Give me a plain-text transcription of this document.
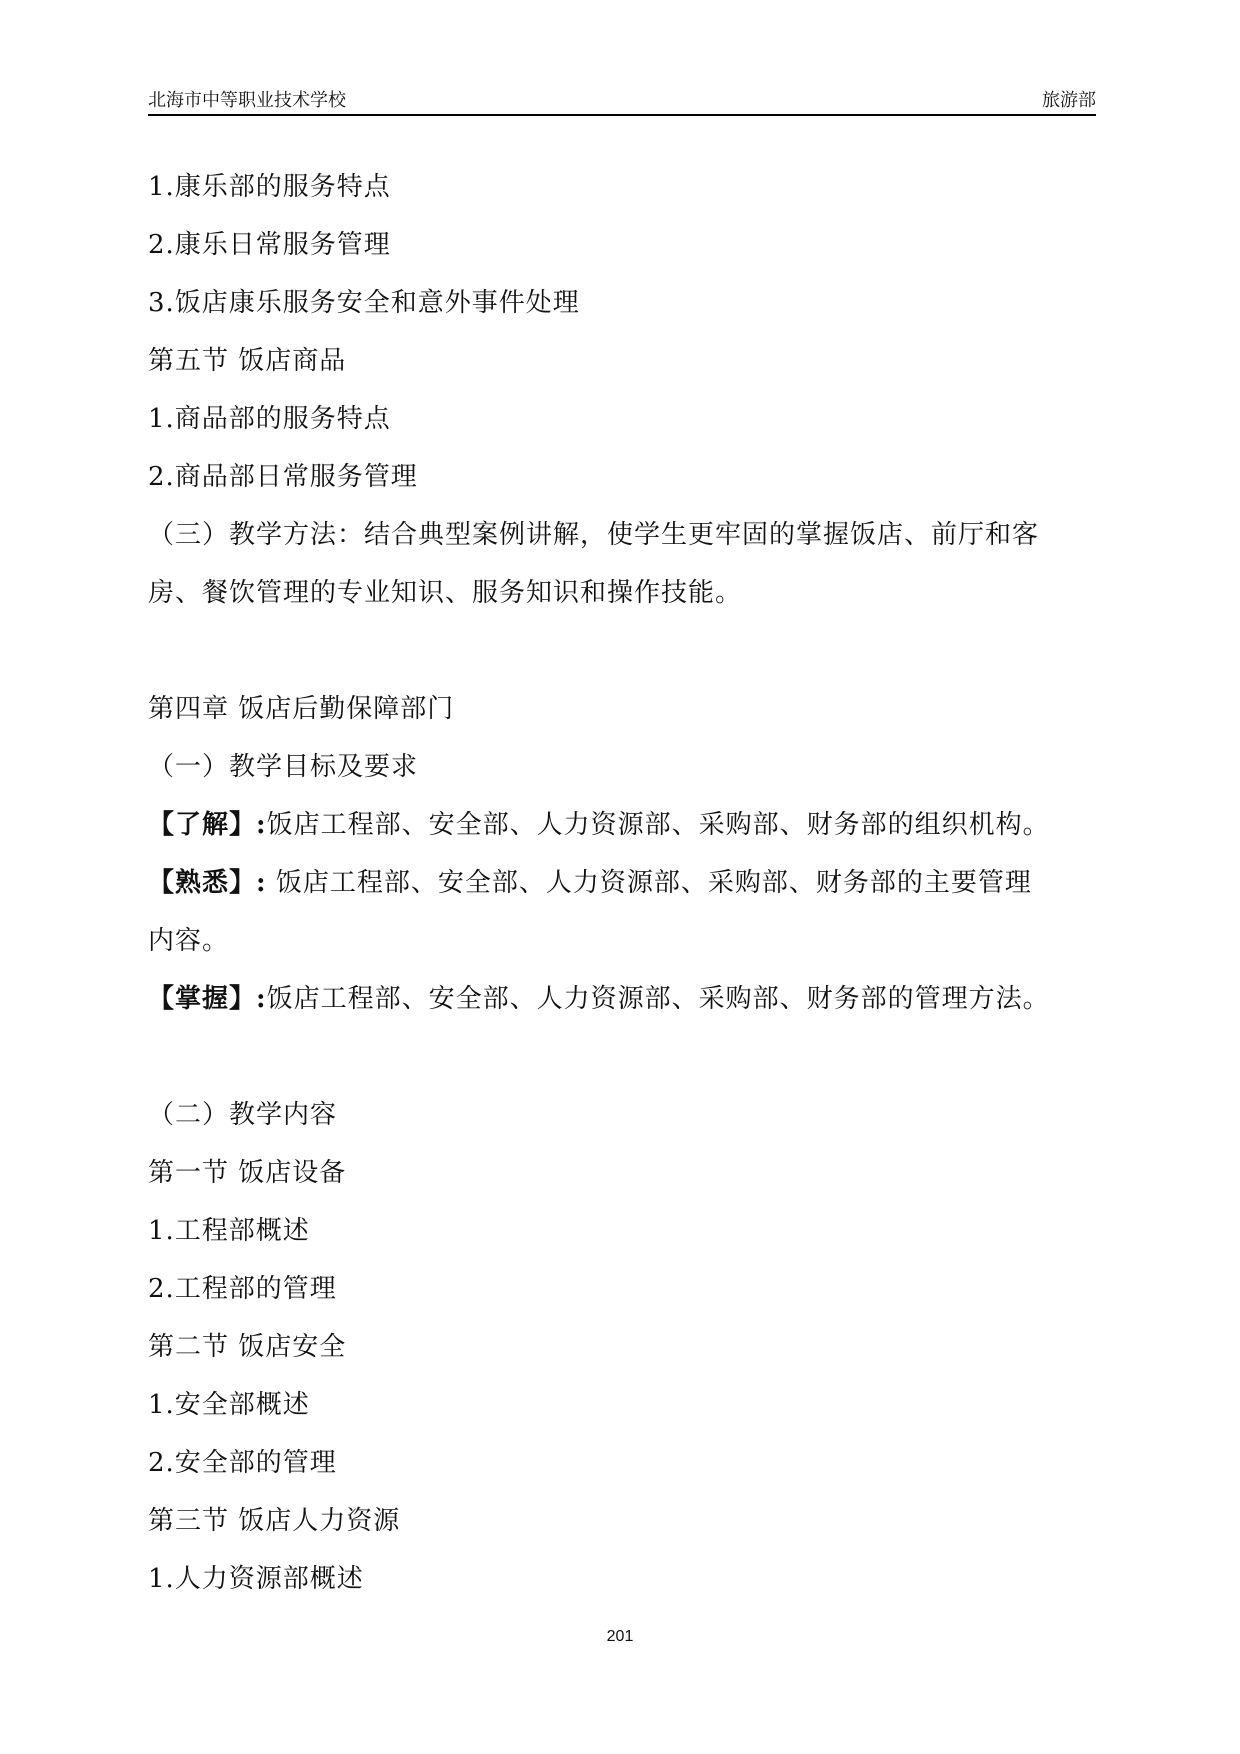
北海市中等职业技术学校	旅游部
1.康乐部的服务特点
2.康乐日常服务管理
3.饭店康乐服务安全和意外事件处理
第五节 饭店商品
1.商品部的服务特点
2.商品部日常服务管理
（三）教学方法：结合典型案例讲解，使学生更牢固的掌握饭店、前厅和客
房、餐饮管理的专业知识、服务知识和操作技能。
第四章 饭店后勤保障部门
（一）教学目标及要求
【了解】:饭店工程部、安全部、人力资源部、采购部、财务部的组织机构。
【熟悉】: 饭店工程部、安全部、人力资源部、采购部、财务部的主要管理
内容。
【掌握】:饭店工程部、安全部、人力资源部、采购部、财务部的管理方法。
（二）教学内容
第一节 饭店设备
1.工程部概述
2.工程部的管理
第二节 饭店安全
1.安全部概述
2.安全部的管理
第三节 饭店人力资源
1.人力资源部概述
201
